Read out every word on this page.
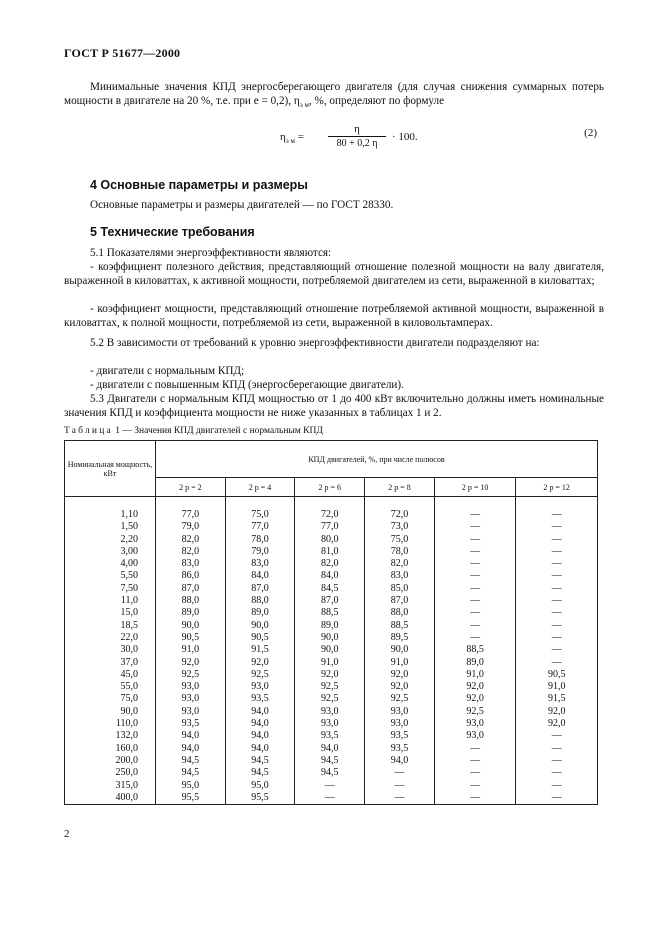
ГОСТ Р 51677—2000
Минимальные значения КПД энергосберегающего двигателя (для случая снижения суммарных потерь мощности в двигателе на 20 %, т.е. при e = 0,2), $\eta_{э м}$, %, определяют по формуле
$\eta_{э м} = \frac{\eta}{80 + 0,2 \eta} \cdot 100$.	(2)
4 Основные параметры и размеры
Основные параметры и размеры двигателей — по ГОСТ 28330.
5 Технические требования
5.1 Показателями энергоэффективности являются:
- коэффициент полезного действия, представляющий отношение полезной мощности на валу двигателя, выраженной в киловаттах, к активной мощности, потребляемой двигателем из сети, выраженной в киловаттах;
- коэффициент мощности, представляющий отношение потребляемой активной мощности, выраженной в киловаттах, к полной мощности, потребляемой из сети, выраженной в киловольтамперах.
5.2 В зависимости от требований к уровню энергоэффективности двигатели подразделяют на:
- двигатели с нормальным КПД;
- двигатели с повышенным КПД (энергосберегающие двигатели).
5.3 Двигатели с нормальным КПД мощностью от 1 до 400 кВт включительно должны иметь номинальные значения КПД и коэффициента мощности не ниже указанных в таблицах 1 и 2.
Таблица 1 — Значения КПД двигателей с нормальным КПД
Номинальная мощность, кВт	КПД двигателей, %, при числе полюсов					
	2 p = 2	2 p = 4	2 p = 6	2 p = 8	2 p = 10	2 p = 12
1,10	77,0	75,0	72,0	72,0	—	—
1,50	79,0	77,0	77,0	73,0	—	—
2,20	82,0	78,0	80,0	75,0	—	—
3,00	82,0	79,0	81,0	78,0	—	—
4,00	83,0	83,0	82,0	82,0	—	—
5,50	86,0	84,0	84,0	83,0	—	—
7,50	87,0	87,0	84,5	85,0	—	—
11,0	88,0	88,0	87,0	87,0	—	—
15,0	89,0	89,0	88,5	88,0	—	—
18,5	90,0	90,0	89,0	88,5	—	—
22,0	90,5	90,5	90,0	89,5	—	—
30,0	91,0	91,5	90,0	90,0	88,5	—
37,0	92,0	92,0	91,0	91,0	89,0	—
45,0	92,5	92,5	92,0	92,0	91,0	90,5
55,0	93,0	93,0	92,5	92,0	92,0	91,0
75,0	93,0	93,5	92,5	92,5	92,0	91,5
90,0	93,0	94,0	93,0	93,0	92,5	92,0
110,0	93,5	94,0	93,0	93,0	93,0	92,0
132,0	94,0	94,0	93,5	93,5	93,0	—
160,0	94,0	94,0	94,0	93,5	—	—
200,0	94,5	94,5	94,5	94,0	—	—
250,0	94,5	94,5	94,5	—	—	—
315,0	95,0	95,0	—	—	—	—
400,0	95,5	95,5	—	—	—	—
2
